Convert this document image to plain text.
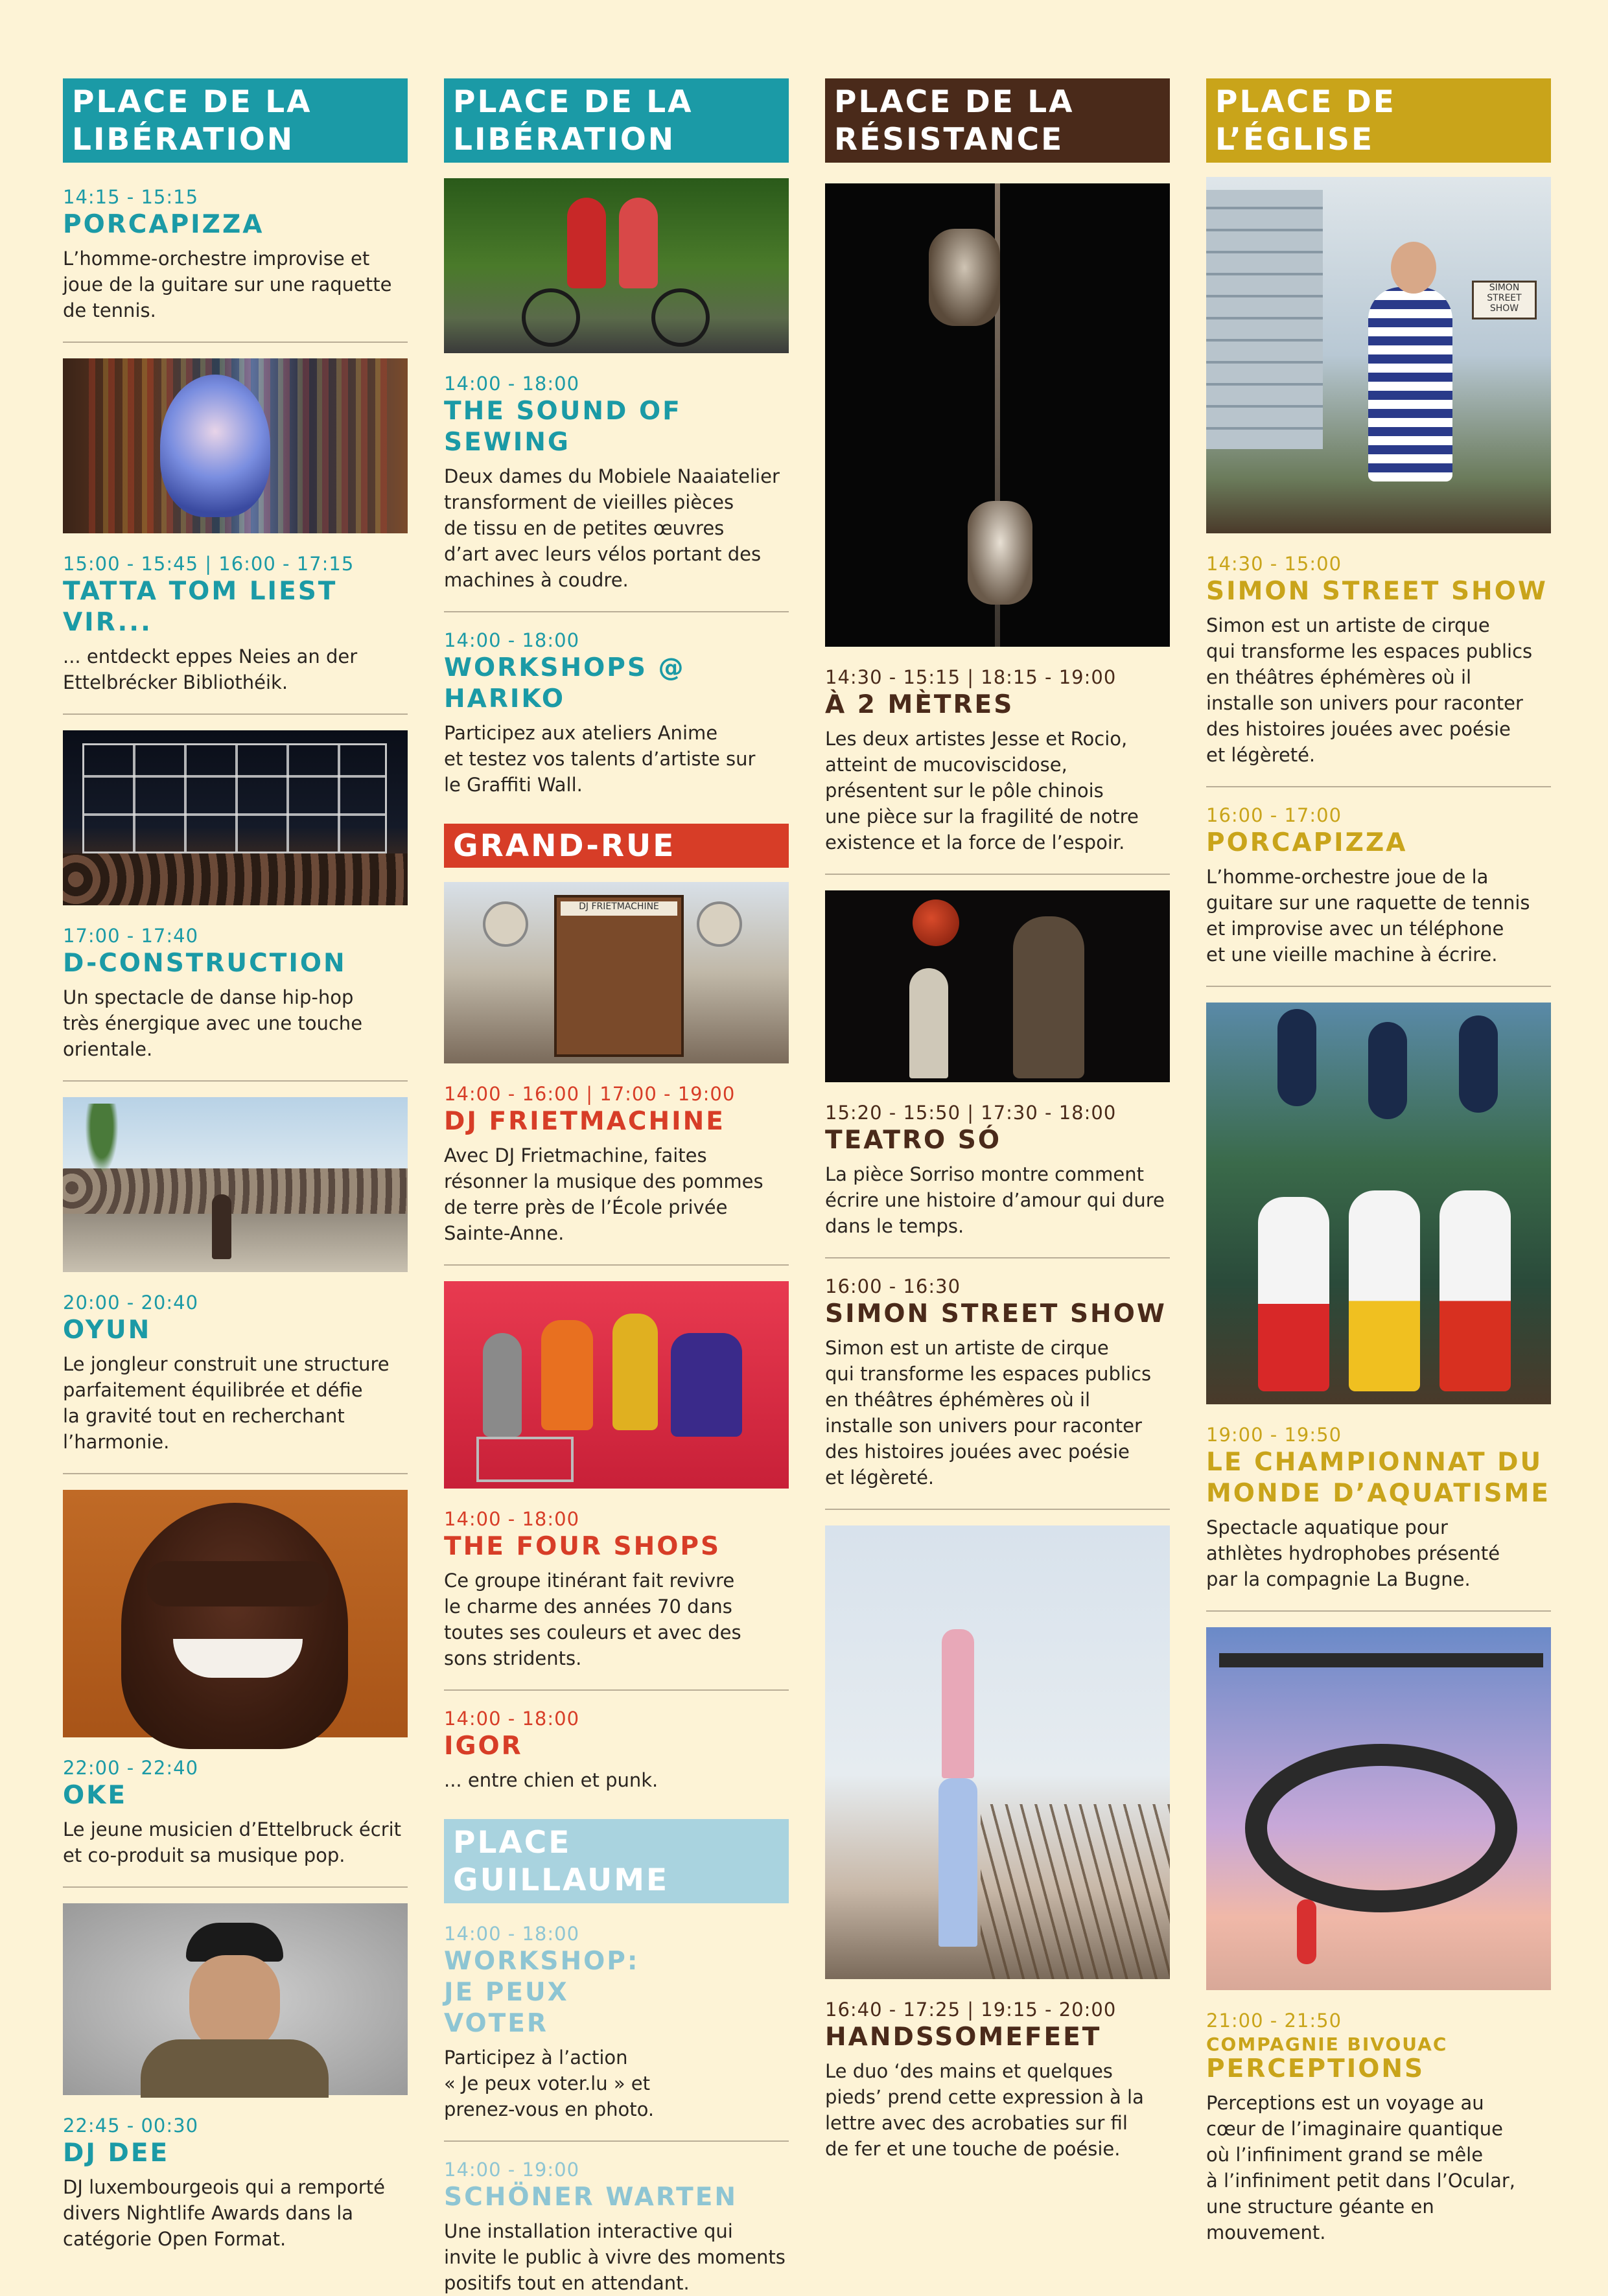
PLACE DE LA LIBÉRATION
14:15 - 15:15
PORCAPIZZA
L’homme-orchestre improvise et
joue de la guitare sur une raquette
de tennis.
15:00 - 15:45 | 16:00 - 17:15
TATTA TOM LIEST VIR...
... entdeckt eppes Neies an der
Ettelbrécker Bibliothéik.
17:00 - 17:40
D-CONSTRUCTION
Un spectacle de danse hip-hop
très énergique avec une touche
orientale.
20:00 - 20:40
OYUN
Le jongleur construit une structure
parfaitement équilibrée et défie
la gravité tout en recherchant
l’harmonie.
22:00 - 22:40
OKE
Le jeune musicien d’Ettelbruck écrit
et co-produit sa musique pop.
22:45 - 00:30
DJ DEE
DJ luxembourgeois qui a remporté
divers Nightlife Awards dans la
catégorie Open Format.
PLACE DE LA LIBÉRATION
14:00 - 18:00
THE SOUND OF SEWING
Deux dames du Mobiele Naaiatelier
transforment de vieilles pièces
de tissu en de petites œuvres
d’art avec leurs vélos portant des
machines à coudre.
14:00 - 18:00
WORKSHOPS @ HARIKO
Participez aux ateliers Anime
et testez vos talents d’artiste sur
le Graffiti Wall.
GRAND-RUE
DJ FRIETMACHINE
14:00 - 16:00 | 17:00 - 19:00
DJ FRIETMACHINE
Avec DJ Frietmachine, faites
résonner la musique des pommes
de terre près de l’École privée
Sainte-Anne.
14:00 - 18:00
THE FOUR SHOPS
Ce groupe itinérant fait revivre
le charme des années 70 dans
toutes ses couleurs et avec des
sons stridents.
14:00 - 18:00
IGOR
... entre chien et punk.
PLACE GUILLAUME
14:00 - 18:00
WORKSHOP: JE PEUX VOTER
Participez à l’action
« Je peux voter.lu » et
prenez-vous en photo.
14:00 - 19:00
SCHÖNER WARTEN
Une installation interactive qui
invite le public à vivre des moments
positifs tout en attendant.
PLACE DE LA RÉSISTANCE
14:30 - 15:15 | 18:15 - 19:00
À 2 MÈTRES
Les deux artistes Jesse et Rocio,
atteint de mucoviscidose,
présentent sur le pôle chinois
une pièce sur la fragilité de notre
existence et la force de l’espoir.
15:20 - 15:50 | 17:30 - 18:00
TEATRO SÓ
La pièce Sorriso montre comment
écrire une histoire d’amour qui dure
dans le temps.
16:00 - 16:30
SIMON STREET SHOW
Simon est un artiste de cirque
qui transforme les espaces publics
en théâtres éphémères où il
installe son univers pour raconter
des histoires jouées avec poésie
et légèreté.
16:40 - 17:25 | 19:15 - 20:00
HANDSSOMEFEET
Le duo ‘des mains et quelques
pieds’ prend cette expression à la
lettre avec des acrobaties sur fil
de fer et une touche de poésie.
PLACE DE L’ÉGLISE
SIMON STREET SHOW
14:30 - 15:00
SIMON STREET SHOW
Simon est un artiste de cirque
qui transforme les espaces publics
en théâtres éphémères où il
installe son univers pour raconter
des histoires jouées avec poésie
et légèreté.
16:00 - 17:00
PORCAPIZZA
L’homme-orchestre joue de la
guitare sur une raquette de tennis
et improvise avec un téléphone
et une vieille machine à écrire.
19:00 - 19:50
LE CHAMPIONNAT DU MONDE D’AQUATISME
Spectacle aquatique pour
athlètes hydrophobes présenté
par la compagnie La Bugne.
21:00 - 21:50
COMPAGNIE BIVOUAC
PERCEPTIONS
Perceptions est un voyage au
cœur de l’imaginaire quantique
où l’infiniment grand se mêle
à l’infiniment petit dans l’Ocular,
une structure géante en mouvement.
